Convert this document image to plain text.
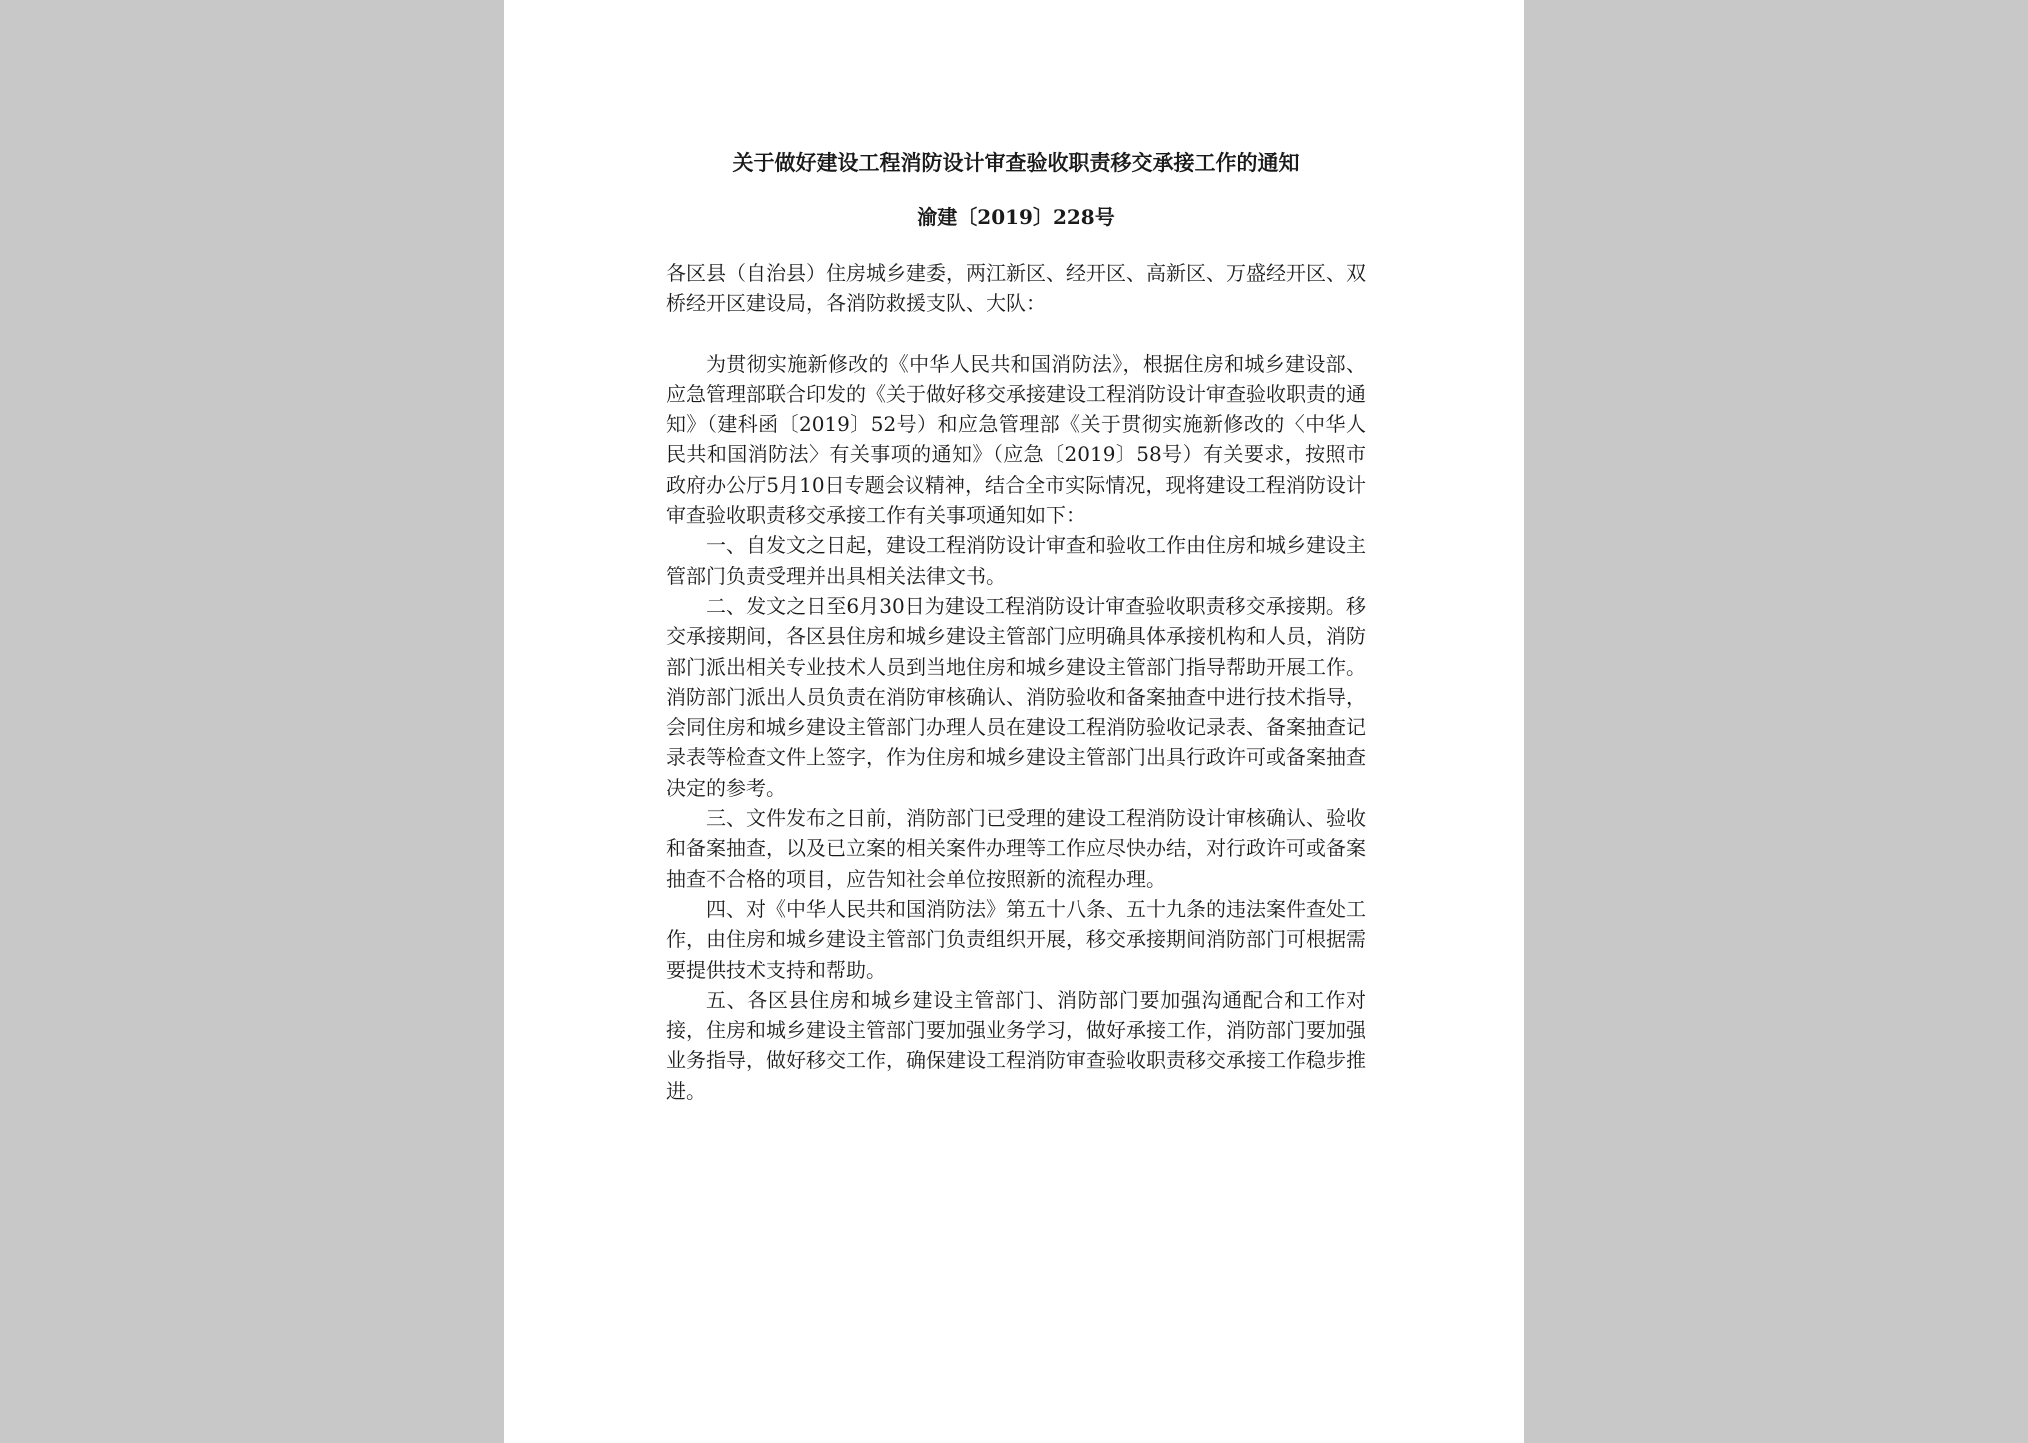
关于做好建设工程消防设计审查验收职责移交承接工作的通知
渝建〔2019〕228号
各区县（自治县）住房城乡建委，两江新区、经开区、高新区、万盛经开区、双桥经开区建设局，各消防救援支队、大队：

为贯彻实施新修改的《中华人民共和国消防法》，根据住房和城乡建设部、应急管理部联合印发的《关于做好移交承接建设工程消防设计审查验收职责的通知》（建科函〔2019〕52号）和应急管理部《关于贯彻实施新修改的〈中华人民共和国消防法〉有关事项的通知》（应急〔2019〕58号）有关要求，按照市政府办公厅5月10日专题会议精神，结合全市实际情况，现将建设工程消防设计审查验收职责移交承接工作有关事项通知如下：

一、自发文之日起，建设工程消防设计审查和验收工作由住房和城乡建设主管部门负责受理并出具相关法律文书。

二、发文之日至6月30日为建设工程消防设计审查验收职责移交承接期。移交承接期间，各区县住房和城乡建设主管部门应明确具体承接机构和人员，消防部门派出相关专业技术人员到当地住房和城乡建设主管部门指导帮助开展工作。消防部门派出人员负责在消防审核确认、消防验收和备案抽查中进行技术指导，会同住房和城乡建设主管部门办理人员在建设工程消防验收记录表、备案抽查记录表等检查文件上签字，作为住房和城乡建设主管部门出具行政许可或备案抽查决定的参考。

三、文件发布之日前，消防部门已受理的建设工程消防设计审核确认、验收和备案抽查，以及已立案的相关案件办理等工作应尽快办结，对行政许可或备案抽查不合格的项目，应告知社会单位按照新的流程办理。

四、对《中华人民共和国消防法》第五十八条、五十九条的违法案件查处工作，由住房和城乡建设主管部门负责组织开展，移交承接期间消防部门可根据需要提供技术支持和帮助。

五、各区县住房和城乡建设主管部门、消防部门要加强沟通配合和工作对接，住房和城乡建设主管部门要加强业务学习，做好承接工作，消防部门要加强业务指导，做好移交工作，确保建设工程消防审查验收职责移交承接工作稳步推进。
